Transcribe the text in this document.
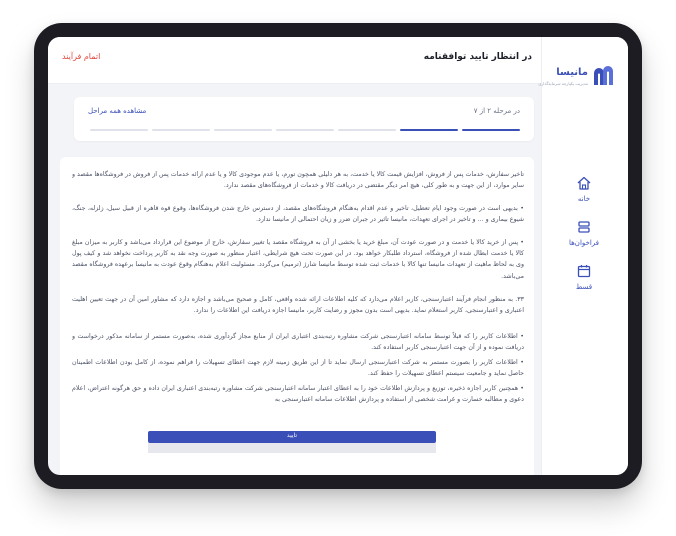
در انتظار تایید توافقنامه
اتمام فرآیند
مانیسا
مدیریت یکپارچه سرمایه‌گذاری
خانه
فراخوان‌ها
قسط
در مرحله ۲ از ۷
مشاهده همه مراحل
تاخیر سفارش، خدمات پس از فروش، افزایش قیمت کالا یا خدمت، به هر دلیلی همچون تورم، یا عدم موجودی کالا و یا عدم ارائه خدمات پس از فروش در فروشگاه‌ها مقصد و سایر موارد، از این جهت و به طور کلی، هیچ امر دیگر مقتضی در دریافت کالا و خدمات از فروشگاه‌های مقصد ندارد.
• بدیهی است در صورت وجود ایام تعطیل، تاخیر و عدم اقدام به‌هنگام فروشگاه‌های مقصد، از دسترس خارج شدن فروشگاه‌ها، وقوع قوه قاهره از قبیل سیل، زلزله، جنگ، شیوع بیماری و ... و تاخیر در اجرای تعهدات، مانیسا تاثیر در جبران ضرر و زیان احتمالی از مانیسا ندارد.
• پس از خرید کالا یا خدمت و در صورت عودت آن، مبلغ خرید یا بخشی از آن به فروشگاه مقصد یا تغییر سفارش، خارج از موضوع این قرارداد می‌باشد و کاربر به میزان مبلغ کالا یا خدمت ابطال شده از فروشگاه، استرداد طلبکار خواهد بود. در این صورت تحت هیچ شرایطی، اعتبار منظور به صورت وجه نقد به کاربر پرداخت نخواهد شد و کیف پول وی به لحاظ ماهیت از تعهدات مانیسا تنها کالا با خدمات ثبت شده توسط مانیسا شارژ (ترمیم) می‌گردد. مسئولیت اعلام به‌هنگام وقوع عودت به مانیسا برعهده فروشگاه مقصد می‌باشد.
۳۳. به منظور انجام فرآیند اعتبارسنجی، کاربر اعلام می‌دارد که کلیه اطلاعات ارائه شده واقعی، کامل و صحیح می‌باشد و اجازه دارد که مشاور امین آن در جهت تعیین اهلیت اعتباری و اعتبارسنجی، کاربر استعلام نماید. بدیهی است بدون مجوز و رضایت کاربر، مانیسا اجازه دریافت این اطلاعات را ندارد.
• اطلاعات کاربر را که قبلاً توسط سامانه اعتبارسنجی شرکت مشاوره رتبه‌بندی اعتباری ایران از منابع مجاز گردآوری شده، به‌صورت مستمر از سامانه مذکور درخواست و دریافت نموده و از آن جهت اعتبارسنجی کاربر استفاده کند.
• اطلاعات کاربر را بصورت مستمر به شرکت اعتبارسنجی ارسال نماید تا از این طریق زمینه لازم جهت اعطای تسهیلات را فراهم نموده، از کامل بودن اطلاعات اطمینان حاصل نماید و جامعیت سیستم اعطای تسهیلات را حفظ کند.
• همچنین کاربر اجازه ذخیره، توزیع و پردازش اطلاعات خود را به اعطای اعتبار سامانه اعتبارسنجی شرکت مشاوره رتبه‌بندی اعتباری ایران داده و حق هرگونه اعتراض، اعلام دعوی و مطالبه خسارت و غرامت شخصی از استفاده و پردازش اطلاعات سامانه اعتبارسنجی به
تایید
